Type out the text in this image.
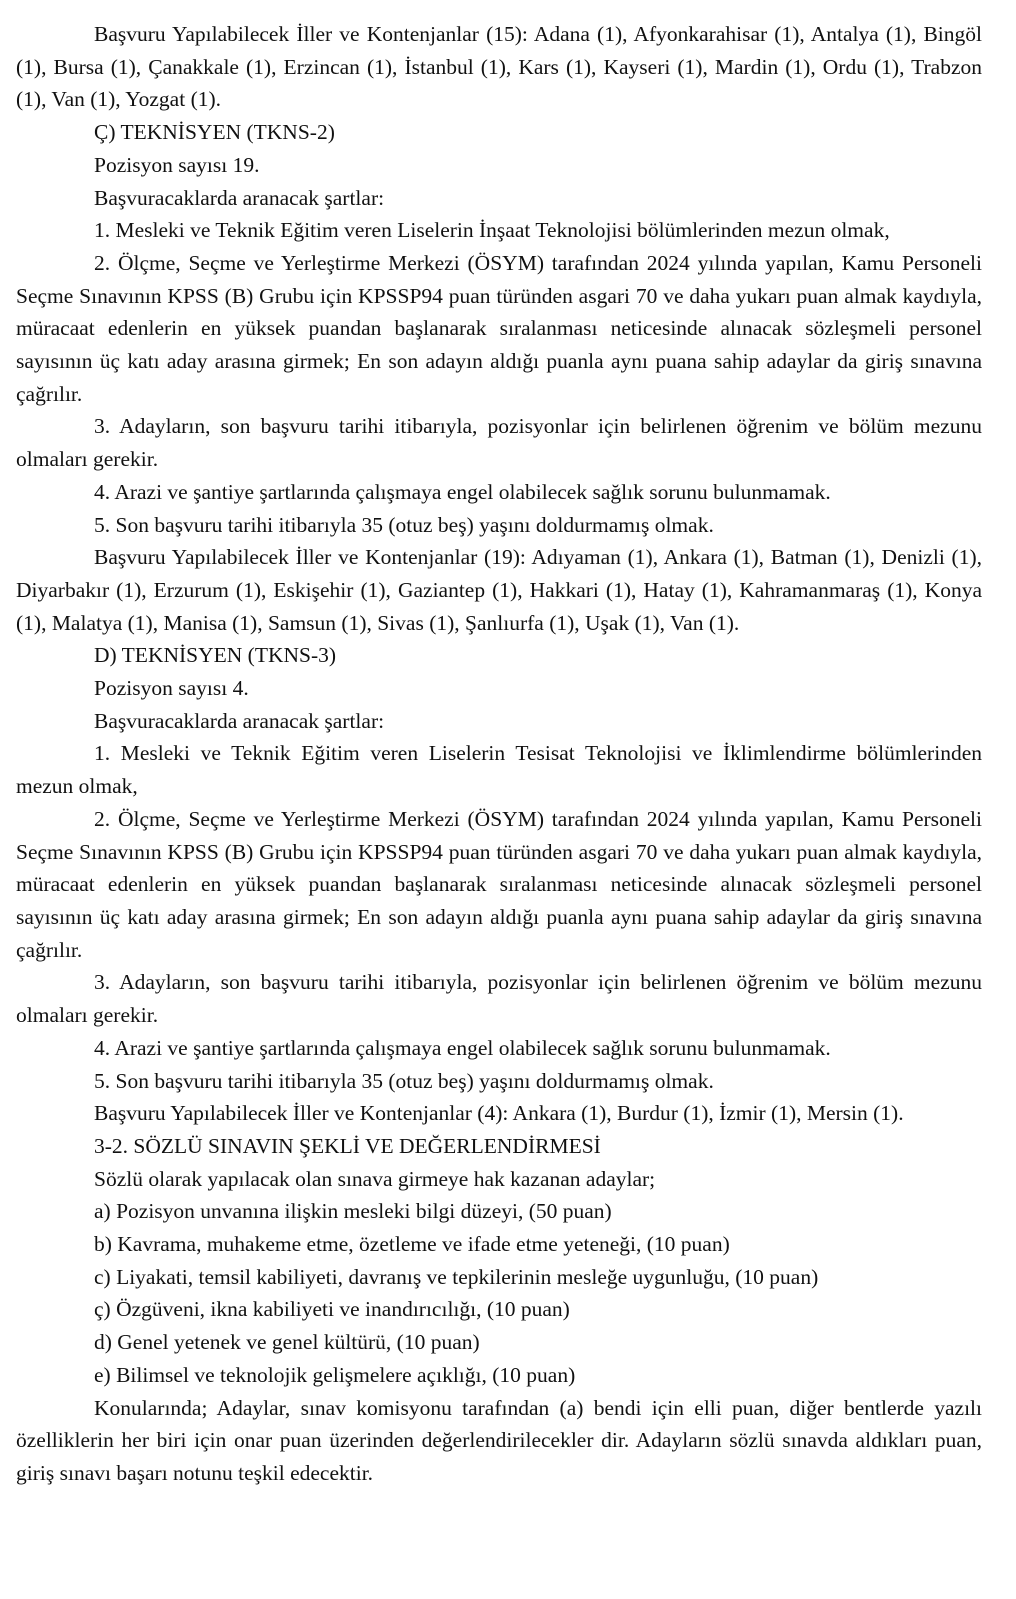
Başvuru Yapılabilecek İller ve Kontenjanlar (15): Adana (1), Afyonkarahisar (1), Antalya (1), Bingöl (1), Bursa (1), Çanakkale (1), Erzincan (1), İstanbul (1), Kars (1), Kayseri (1), Mardin (1), Ordu (1), Trabzon (1), Van (1), Yozgat (1).

Ç) TEKNİSYEN (TKNS-2)

Pozisyon sayısı 19.

Başvuracaklarda aranacak şartlar:

1. Mesleki ve Teknik Eğitim veren Liselerin İnşaat Teknolojisi bölümlerinden mezun olmak,

2. Ölçme, Seçme ve Yerleştirme Merkezi (ÖSYM) tarafından 2024 yılında yapılan, Kamu Personeli Seçme Sınavının KPSS (B) Grubu için KPSSP94 puan türünden asgari 70 ve daha yukarı puan almak kaydıyla, müracaat edenlerin en yüksek puandan başlanarak sıralanması neticesinde alınacak sözleşmeli personel sayısının üç katı aday arasına girmek; En son adayın aldığı puanla aynı puana sahip adaylar da giriş sınavına çağrılır.

3. Adayların, son başvuru tarihi itibarıyla, pozisyonlar için belirlenen öğrenim ve bölüm mezunu olmaları gerekir.

4. Arazi ve şantiye şartlarında çalışmaya engel olabilecek sağlık sorunu bulunmamak.

5. Son başvuru tarihi itibarıyla 35 (otuz beş) yaşını doldurmamış olmak.

Başvuru Yapılabilecek İller ve Kontenjanlar (19): Adıyaman (1), Ankara (1), Batman (1), Denizli (1), Diyarbakır (1), Erzurum (1), Eskişehir (1), Gaziantep (1), Hakkari (1), Hatay (1), Kahramanmaraş (1), Konya (1), Malatya (1), Manisa (1), Samsun (1), Sivas (1), Şanlıurfa (1), Uşak (1), Van (1).

D) TEKNİSYEN (TKNS-3)

Pozisyon sayısı 4.

Başvuracaklarda aranacak şartlar:

1. Mesleki ve Teknik Eğitim veren Liselerin Tesisat Teknolojisi ve İklimlendirme bölümlerinden mezun olmak,

2. Ölçme, Seçme ve Yerleştirme Merkezi (ÖSYM) tarafından 2024 yılında yapılan, Kamu Personeli Seçme Sınavının KPSS (B) Grubu için KPSSP94 puan türünden asgari 70 ve daha yukarı puan almak kaydıyla, müracaat edenlerin en yüksek puandan başlanarak sıralanması neticesinde alınacak sözleşmeli personel sayısının üç katı aday arasına girmek; En son adayın aldığı puanla aynı puana sahip adaylar da giriş sınavına çağrılır.

3. Adayların, son başvuru tarihi itibarıyla, pozisyonlar için belirlenen öğrenim ve bölüm mezunu olmaları gerekir.

4. Arazi ve şantiye şartlarında çalışmaya engel olabilecek sağlık sorunu bulunmamak.

5. Son başvuru tarihi itibarıyla 35 (otuz beş) yaşını doldurmamış olmak.

Başvuru Yapılabilecek İller ve Kontenjanlar (4): Ankara (1), Burdur (1), İzmir (1), Mersin (1).

3-2. SÖZLÜ SINAVIN ŞEKLİ VE DEĞERLENDİRMESİ

Sözlü olarak yapılacak olan sınava girmeye hak kazanan adaylar;

a) Pozisyon unvanına ilişkin mesleki bilgi düzeyi, (50 puan)

b) Kavrama, muhakeme etme, özetleme ve ifade etme yeteneği, (10 puan)

c) Liyakati, temsil kabiliyeti, davranış ve tepkilerinin mesleğe uygunluğu, (10 puan)

ç) Özgüveni, ikna kabiliyeti ve inandırıcılığı, (10 puan)

d) Genel yetenek ve genel kültürü, (10 puan)

e) Bilimsel ve teknolojik gelişmelere açıklığı, (10 puan)

Konularında; Adaylar, sınav komisyonu tarafından (a) bendi için elli puan, diğer bentlerde yazılı özelliklerin her biri için onar puan üzerinden değerlendirilecekler dir. Adayların sözlü sınavda aldıkları puan, giriş sınavı başarı notunu teşkil edecektir.
